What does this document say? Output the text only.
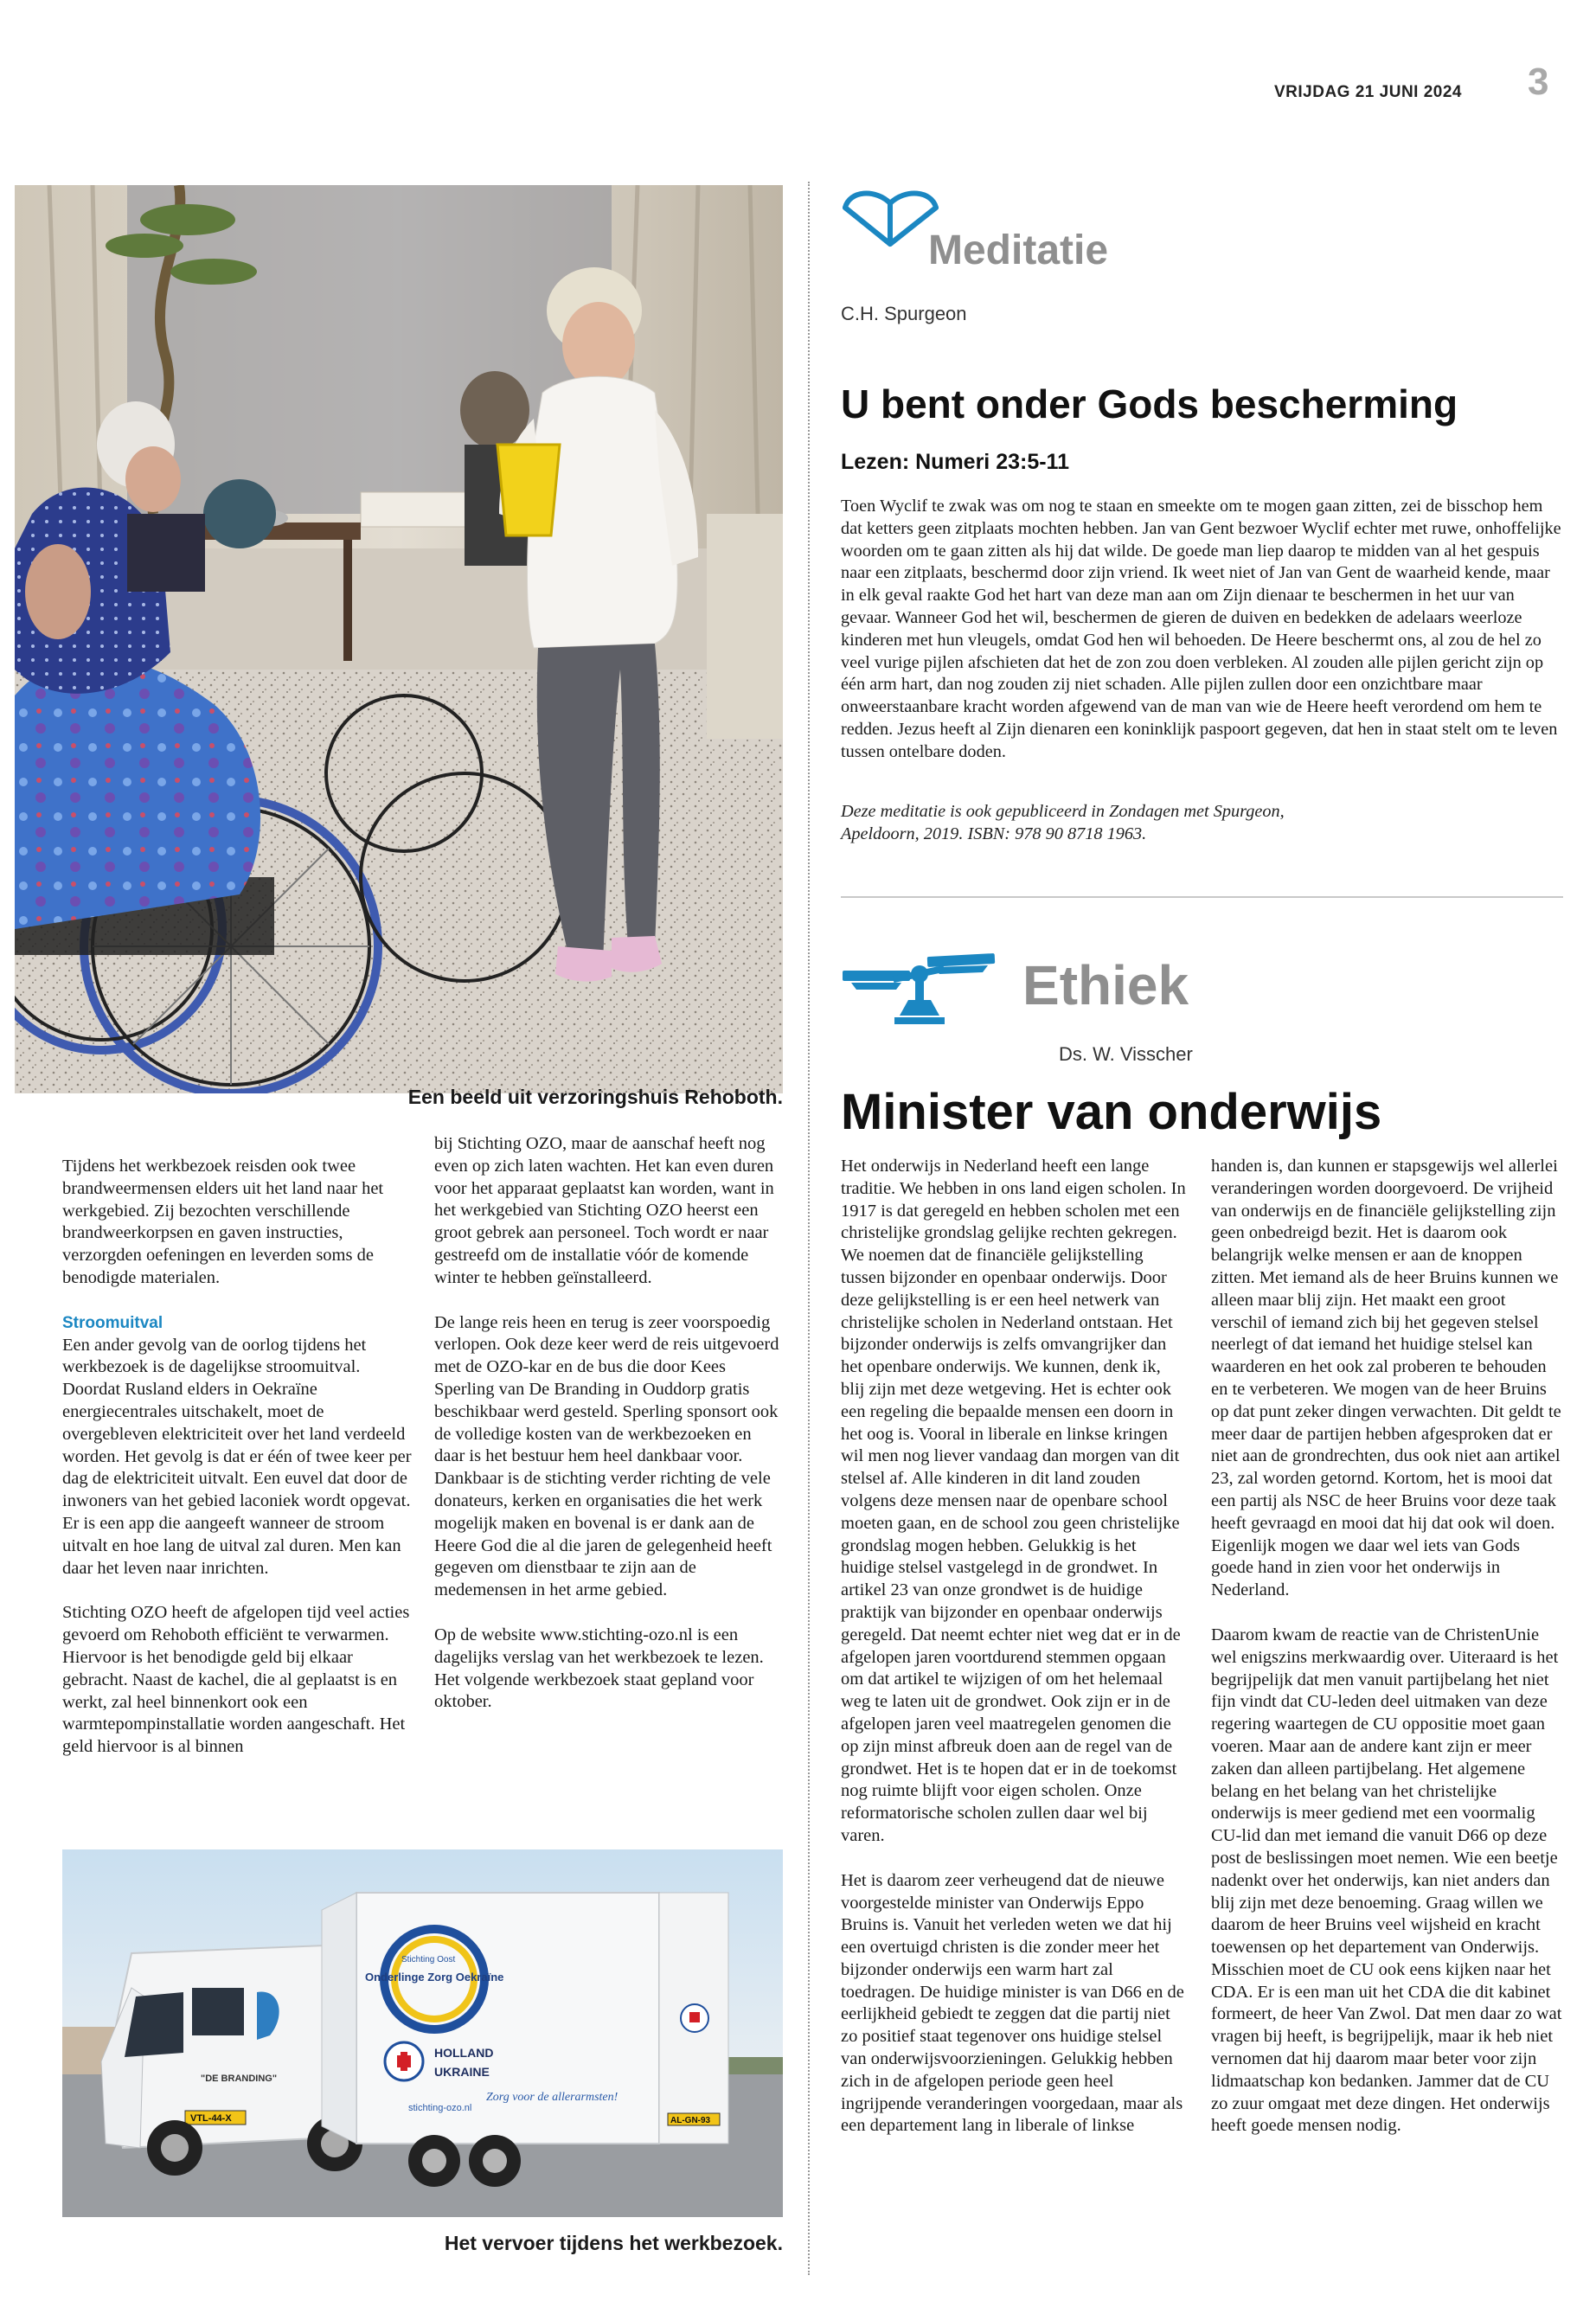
VRIJDAG 21 JUNI 2024 3
Een beeld uit verzoringshuis Rehoboth.

Tijdens het werkbezoek reisden ook twee brandweermensen elders uit het land naar het werkgebied. Zij bezochten verschillende brandweerkorpsen en gaven instructies, verzorgden oefeningen en leverden soms de benodigde materialen.

Stroomuitval

Een ander gevolg van de oorlog tijdens het werkbezoek is de dagelijkse stroomuitval. Doordat Rusland elders in Oekraïne energiecentrales uitschakelt, moet de overgebleven elektriciteit over het land verdeeld worden. Het gevolg is dat er één of twee keer per dag de elektriciteit uitvalt. Een euvel dat door de inwoners van het gebied laconiek wordt opgevat. Er is een app die aangeeft wanneer de stroom uitvalt en hoe lang de uitval zal duren. Men kan daar het leven naar inrichten.

Stichting OZO heeft de afgelopen tijd veel acties gevoerd om Rehoboth efficiënt te verwarmen. Hiervoor is het benodigde geld bij elkaar gebracht. Naast de kachel, die al geplaatst is en werkt, zal heel binnenkort ook een warmtepompinstallatie worden aangeschaft. Het geld hiervoor is al binnen

bij Stichting OZO, maar de aanschaf heeft nog even op zich laten wachten. Het kan even duren voor het apparaat geplaatst kan worden, want in het werkgebied van Stichting OZO heerst een groot gebrek aan personeel. Toch wordt er naar gestreefd om de installatie vóór de komende winter te hebben geïnstalleerd.

De lange reis heen en terug is zeer voorspoedig verlopen. Ook deze keer werd de reis uitgevoerd met de OZO-kar en de bus die door Kees Sperling van De Branding in Ouddorp gratis beschikbaar werd gesteld. Sperling sponsort ook de volledige kosten van de werkbezoeken en daar is het bestuur hem heel dankbaar voor. Dankbaar is de stichting verder richting de vele donateurs, kerken en organisaties die het werk mogelijk maken en bovenal is er dank aan de Heere God die al die jaren de gelegenheid heeft gegeven om dienstbaar te zijn aan de medemensen in het arme gebied.

Op de website www.stichting-ozo.nl is een dagelijks verslag van het werkbezoek te lezen. Het volgende werkbezoek staat gepland voor oktober.

"DE BRANDING"
VTL-44-X
Stichting Oost
Onderlinge Zorg Oekraïne
HOLLAND
UKRAINE
stichting-ozo.nl
Zorg voor de allerarmsten!
AL-GN-93
Het vervoer tijdens het werkbezoek.
Meditatie
C.H. Spurgeon
U bent onder Gods bescherming
Lezen: Numeri 23:5-11
Toen Wyclif te zwak was om nog te staan en smeekte om te mogen gaan zitten, zei de bisschop hem dat ketters geen zitplaats mochten hebben. Jan van Gent bezwoer Wyclif echter met ruwe, onhoffelijke woorden om te gaan zitten als hij dat wilde. De goede man liep daarop te midden van al het gespuis naar een zitplaats, beschermd door zijn vriend. Ik weet niet of Jan van Gent de waarheid kende, maar in elk geval raakte God het hart van deze man aan om Zijn dienaar te beschermen in het uur van gevaar. Wanneer God het wil, beschermen de gieren de duiven en bedekken de adelaars weerloze kinderen met hun vleugels, omdat God hen wil behoeden. De Heere beschermt ons, al zou de hel zo veel vurige pijlen afschieten dat het de zon zou doen verbleken. Al zouden alle pijlen gericht zijn op één arm hart, dan nog zouden zij niet schaden. Alle pijlen zullen door een onzichtbare maar onweerstaanbare kracht worden afgewend van de man van wie de Heere heeft verordend om hem te redden. Jezus heeft al Zijn dienaren een koninklijk paspoort gegeven, dat hen in staat stelt om te leven tussen ontelbare doden.
Deze meditatie is ook gepubliceerd in Zondagen met Spurgeon, Apeldoorn, 2019. ISBN: 978 90 8718 1963.
Ethiek
Ds. W. Visscher
Minister van onderwijs

Het onderwijs in Nederland heeft een lange traditie. We hebben in ons land eigen scholen. In 1917 is dat geregeld en hebben scholen met een christelijke grondslag gelijke rechten gekregen. We noemen dat de financiële gelijkstelling tussen bijzonder en openbaar onderwijs. Door deze gelijkstelling is er een heel netwerk van christelijke scholen in Nederland ontstaan. Het bijzonder onderwijs is zelfs omvangrijker dan het openbare onderwijs. We kunnen, denk ik, blij zijn met deze wetgeving. Het is echter ook een regeling die bepaalde mensen een doorn in het oog is. Vooral in liberale en linkse kringen wil men nog liever vandaag dan morgen van dit stelsel af. Alle kinderen in dit land zouden volgens deze mensen naar de openbare school moeten gaan, en de school zou geen christelijke grondslag mogen hebben. Gelukkig is het huidige stelsel vastgelegd in de grondwet. In artikel 23 van onze grondwet is de huidige praktijk van bijzonder en openbaar onderwijs geregeld. Dat neemt echter niet weg dat er in de afgelopen jaren voortdurend stemmen opgaan om dat artikel te wijzigen of om het helemaal weg te laten uit de grondwet. Ook zijn er in de afgelopen jaren veel maatregelen genomen die op zijn minst afbreuk doen aan de regel van de grondwet. Het is te hopen dat er in de toekomst nog ruimte blijft voor eigen scholen. Onze reformatorische scholen zullen daar wel bij varen.

Het is daarom zeer verheugend dat de nieuwe voorgestelde minister van Onderwijs Eppo Bruins is. Vanuit het verleden weten we dat hij een overtuigd christen is die zonder meer het bijzonder onderwijs een warm hart zal toedragen. De huidige minister is van D66 en de eerlijkheid gebiedt te zeggen dat die partij niet zo positief staat tegenover ons huidige stelsel van onderwijsvoorzieningen. Gelukkig hebben zich in de afgelopen periode geen heel ingrijpende veranderingen voorgedaan, maar als een departement lang in liberale of linkse

handen is, dan kunnen er stapsgewijs wel allerlei veranderingen worden doorgevoerd. De vrijheid van onderwijs en de financiële gelijkstelling zijn geen onbedreigd bezit. Het is daarom ook belangrijk welke mensen er aan de knoppen zitten. Met iemand als de heer Bruins kunnen we alleen maar blij zijn. Het maakt een groot verschil of iemand zich bij het gegeven stelsel neerlegt of dat iemand het huidige stelsel kan waarderen en het ook zal proberen te behouden en te verbeteren. We mogen van de heer Bruins op dat punt zeker dingen verwachten. Dit geldt te meer daar de partijen hebben afgesproken dat er niet aan de grondrechten, dus ook niet aan artikel 23, zal worden getornd. Kortom, het is mooi dat een partij als NSC de heer Bruins voor deze taak heeft gevraagd en mooi dat hij dat ook wil doen. Eigenlijk mogen we daar wel iets van Gods goede hand in zien voor het onderwijs in Nederland.

Daarom kwam de reactie van de ChristenUnie wel enigszins merkwaardig over. Uiteraard is het begrijpelijk dat men vanuit partijbelang het niet fijn vindt dat CU-leden deel uitmaken van deze regering waartegen de CU oppositie moet gaan voeren. Maar aan de andere kant zijn er meer zaken dan alleen partijbelang. Het algemene belang en het belang van het christelijke onderwijs is meer gediend met een voormalig CU-lid dan met iemand die vanuit D66 op deze post de beslissingen moet nemen. Wie een beetje nadenkt over het onderwijs, kan niet anders dan blij zijn met deze benoeming. Graag willen we daarom de heer Bruins veel wijsheid en kracht toewensen op het departement van Onderwijs. Misschien moet de CU ook eens kijken naar het CDA. Er is een man uit het CDA die dit kabinet formeert, de heer Van Zwol. Dat men daar zo wat vragen bij heeft, is begrijpelijk, maar ik heb niet vernomen dat hij daarom maar beter voor zijn lidmaatschap kon bedanken. Jammer dat de CU zo zuur omgaat met deze dingen. Het onderwijs heeft goede mensen nodig.
